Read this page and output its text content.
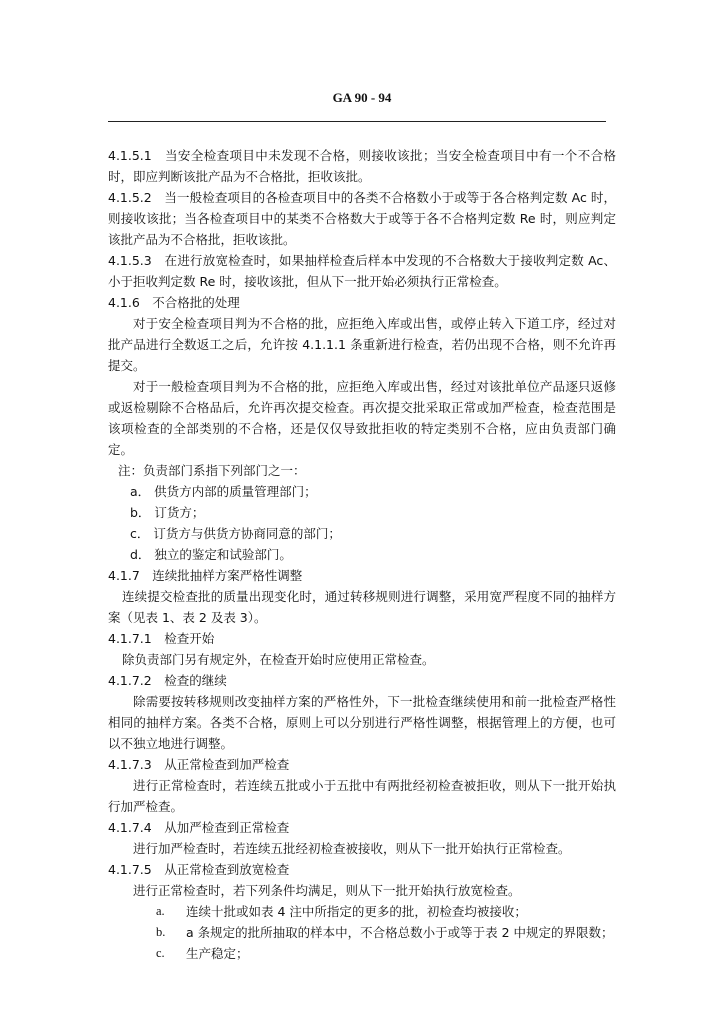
GA 90 - 94

4.1.5.1　当安全检查项目中未发现不合格，则接收该批；当安全检查项目中有一个不合格时，即应判断该批产品为不合格批，拒收该批。

4.1.5.2　当一般检查项目的各检查项目中的各类不合格数小于或等于各合格判定数 Ac 时，则接收该批；当各检查项目中的某类不合格数大于或等于各不合格判定数 Re 时，则应判定该批产品为不合格批，拒收该批。

4.1.5.3　在进行放宽检查时，如果抽样检查后样本中发现的不合格数大于接收判定数 Ac、小于拒收判定数 Re 时，接收该批，但从下一批开始必须执行正常检查。

4.1.6　不合格批的处理

对于安全检查项目判为不合格的批，应拒绝入库或出售，或停止转入下道工序，经过对批产品进行全数返工之后，允许按 4.1.1.1 条重新进行检查，若仍出现不合格，则不允许再提交。

对于一般检查项目判为不合格的批，应拒绝入库或出售，经过对该批单位产品逐只返修或返检剔除不合格品后，允许再次提交检查。再次提交批采取正常或加严检查，检查范围是该项检查的全部类别的不合格，还是仅仅导致批拒收的特定类别不合格，应由负责部门确定。

注：负责部门系指下列部门之一：

a． 供货方内部的质量管理部门；

b． 订货方；

c． 订货方与供货方协商同意的部门；

d． 独立的鉴定和试验部门。

4.1.7　连续批抽样方案严格性调整

连续提交检查批的质量出现变化时，通过转移规则进行调整，采用宽严程度不同的抽样方案（见表 1、表 2 及表 3）。

4.1.7.1　检查开始

除负责部门另有规定外，在检查开始时应使用正常检查。

4.1.7.2　检查的继续

除需要按转移规则改变抽样方案的严格性外，下一批检查继续使用和前一批检查严格性相同的抽样方案。各类不合格，原则上可以分别进行严格性调整，根据管理上的方便，也可以不独立地进行调整。

4.1.7.3　从正常检查到加严检查

进行正常检查时，若连续五批或小于五批中有两批经初检查被拒收，则从下一批开始执行加严检查。

4.1.7.4　从加严检查到正常检查

进行加严检查时，若连续五批经初检查被接收，则从下一批开始执行正常检查。

4.1.7.5　从正常检查到放宽检查

进行正常检查时，若下列条件均满足，则从下一批开始执行放宽检查。

a. 连续十批或如表 4 注中所指定的更多的批，初检查均被接收；

b. a 条规定的批所抽取的样本中，不合格总数小于或等于表 2 中规定的界限数；

c. 生产稳定；
